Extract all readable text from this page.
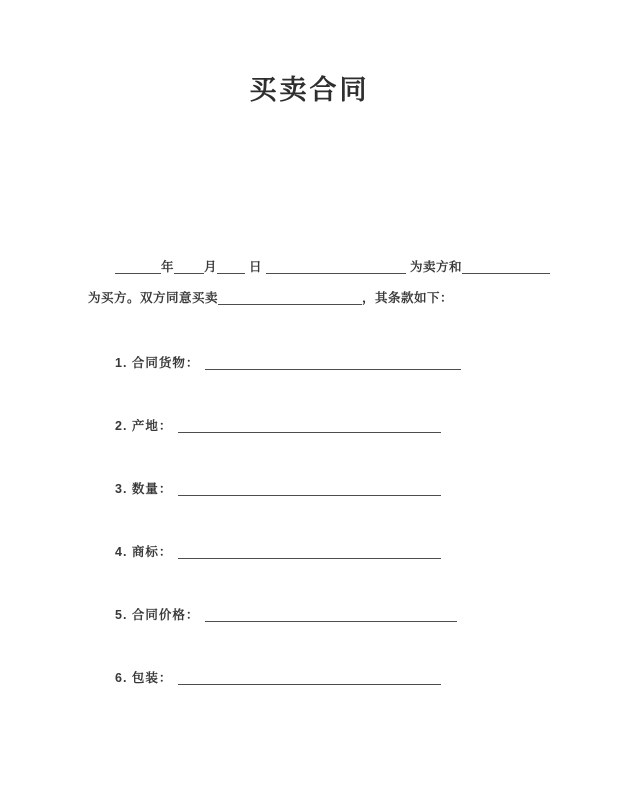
买卖合同
年 月 日	为卖方和
为买方。双方同意买卖	，其条款如下：
1. 合同货物：
2. 产地：
3. 数量：
4. 商标：
5. 合同价格：
6. 包装：
